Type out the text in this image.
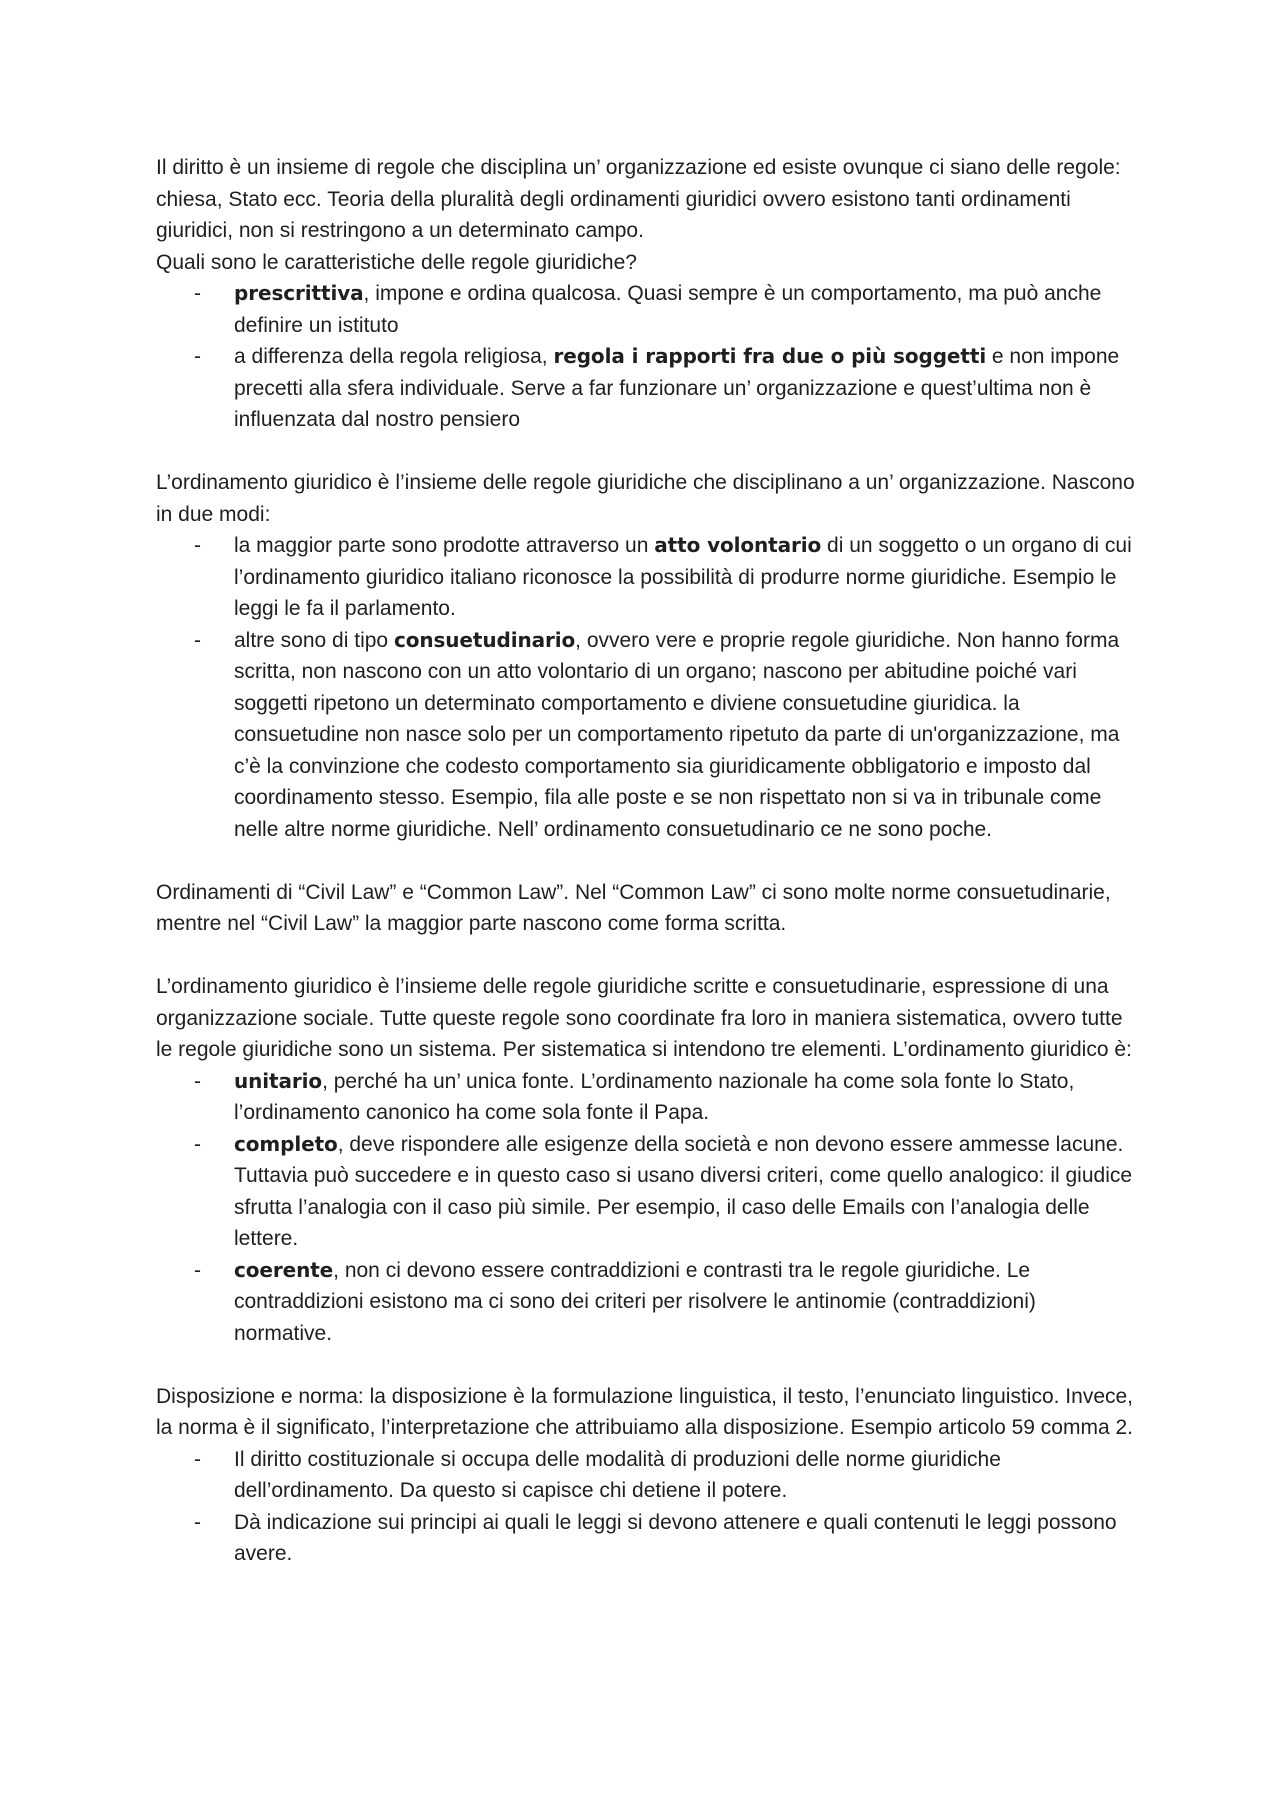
Il diritto è un insieme di regole che disciplina un’ organizzazione ed esiste ovunque ci siano delle regole: chiesa, Stato ecc. Teoria della pluralità degli ordinamenti giuridici ovvero esistono tanti ordinamenti giuridici, non si restringono a un determinato campo.

Quali sono le caratteristiche delle regole giuridiche?

- prescrittiva, impone e ordina qualcosa. Quasi sempre è un comportamento, ma può anche definire un istituto
- a differenza della regola religiosa, regola i rapporti fra due o più soggetti e non impone precetti alla sfera individuale. Serve a far funzionare un’ organizzazione e quest’ultima non è influenzata dal nostro pensiero

L’ordinamento giuridico è l’insieme delle regole giuridiche che disciplinano a un’ organizzazione. Nascono in due modi:

- la maggior parte sono prodotte attraverso un atto volontario di un soggetto o un organo di cui l’ordinamento giuridico italiano riconosce la possibilità di produrre norme giuridiche. Esempio le leggi le fa il parlamento.
- altre sono di tipo consuetudinario, ovvero vere e proprie regole giuridiche. Non hanno forma scritta, non nascono con un atto volontario di un organo; nascono per abitudine poiché vari soggetti ripetono un determinato comportamento e diviene consuetudine giuridica. la consuetudine non nasce solo per un comportamento ripetuto da parte di un'organizzazione, ma c’è la convinzione che codesto comportamento sia giuridicamente obbligatorio e imposto dal coordinamento stesso. Esempio, fila alle poste e se non rispettato non si va in tribunale come nelle altre norme giuridiche. Nell’ ordinamento consuetudinario ce ne sono poche.

Ordinamenti di “Civil Law” e “Common Law”. Nel “Common Law” ci sono molte norme consuetudinarie, mentre nel “Civil Law” la maggior parte nascono come forma scritta.

L’ordinamento giuridico è l’insieme delle regole giuridiche scritte e consuetudinarie, espressione di una organizzazione sociale. Tutte queste regole sono coordinate fra loro in maniera sistematica, ovvero tutte le regole giuridiche sono un sistema. Per sistematica si intendono tre elementi. L’ordinamento giuridico è:

- unitario, perché ha un’ unica fonte. L’ordinamento nazionale ha come sola fonte lo Stato, l’ordinamento canonico ha come sola fonte il Papa.
- completo, deve rispondere alle esigenze della società e non devono essere ammesse lacune. Tuttavia può succedere e in questo caso si usano diversi criteri, come quello analogico: il giudice sfrutta l’analogia con il caso più simile. Per esempio, il caso delle Emails con l’analogia delle lettere.
- coerente, non ci devono essere contraddizioni e contrasti tra le regole giuridiche. Le contraddizioni esistono ma ci sono dei criteri per risolvere le antinomie (contraddizioni) normative.

Disposizione e norma: la disposizione è la formulazione linguistica, il testo, l’enunciato linguistico. Invece, la norma è il significato, l’interpretazione che attribuiamo alla disposizione. Esempio articolo 59 comma 2.

- Il diritto costituzionale si occupa delle modalità di produzioni delle norme giuridiche dell’ordinamento. Da questo si capisce chi detiene il potere.
- Dà indicazione sui principi ai quali le leggi si devono attenere e quali contenuti le leggi possono avere.
